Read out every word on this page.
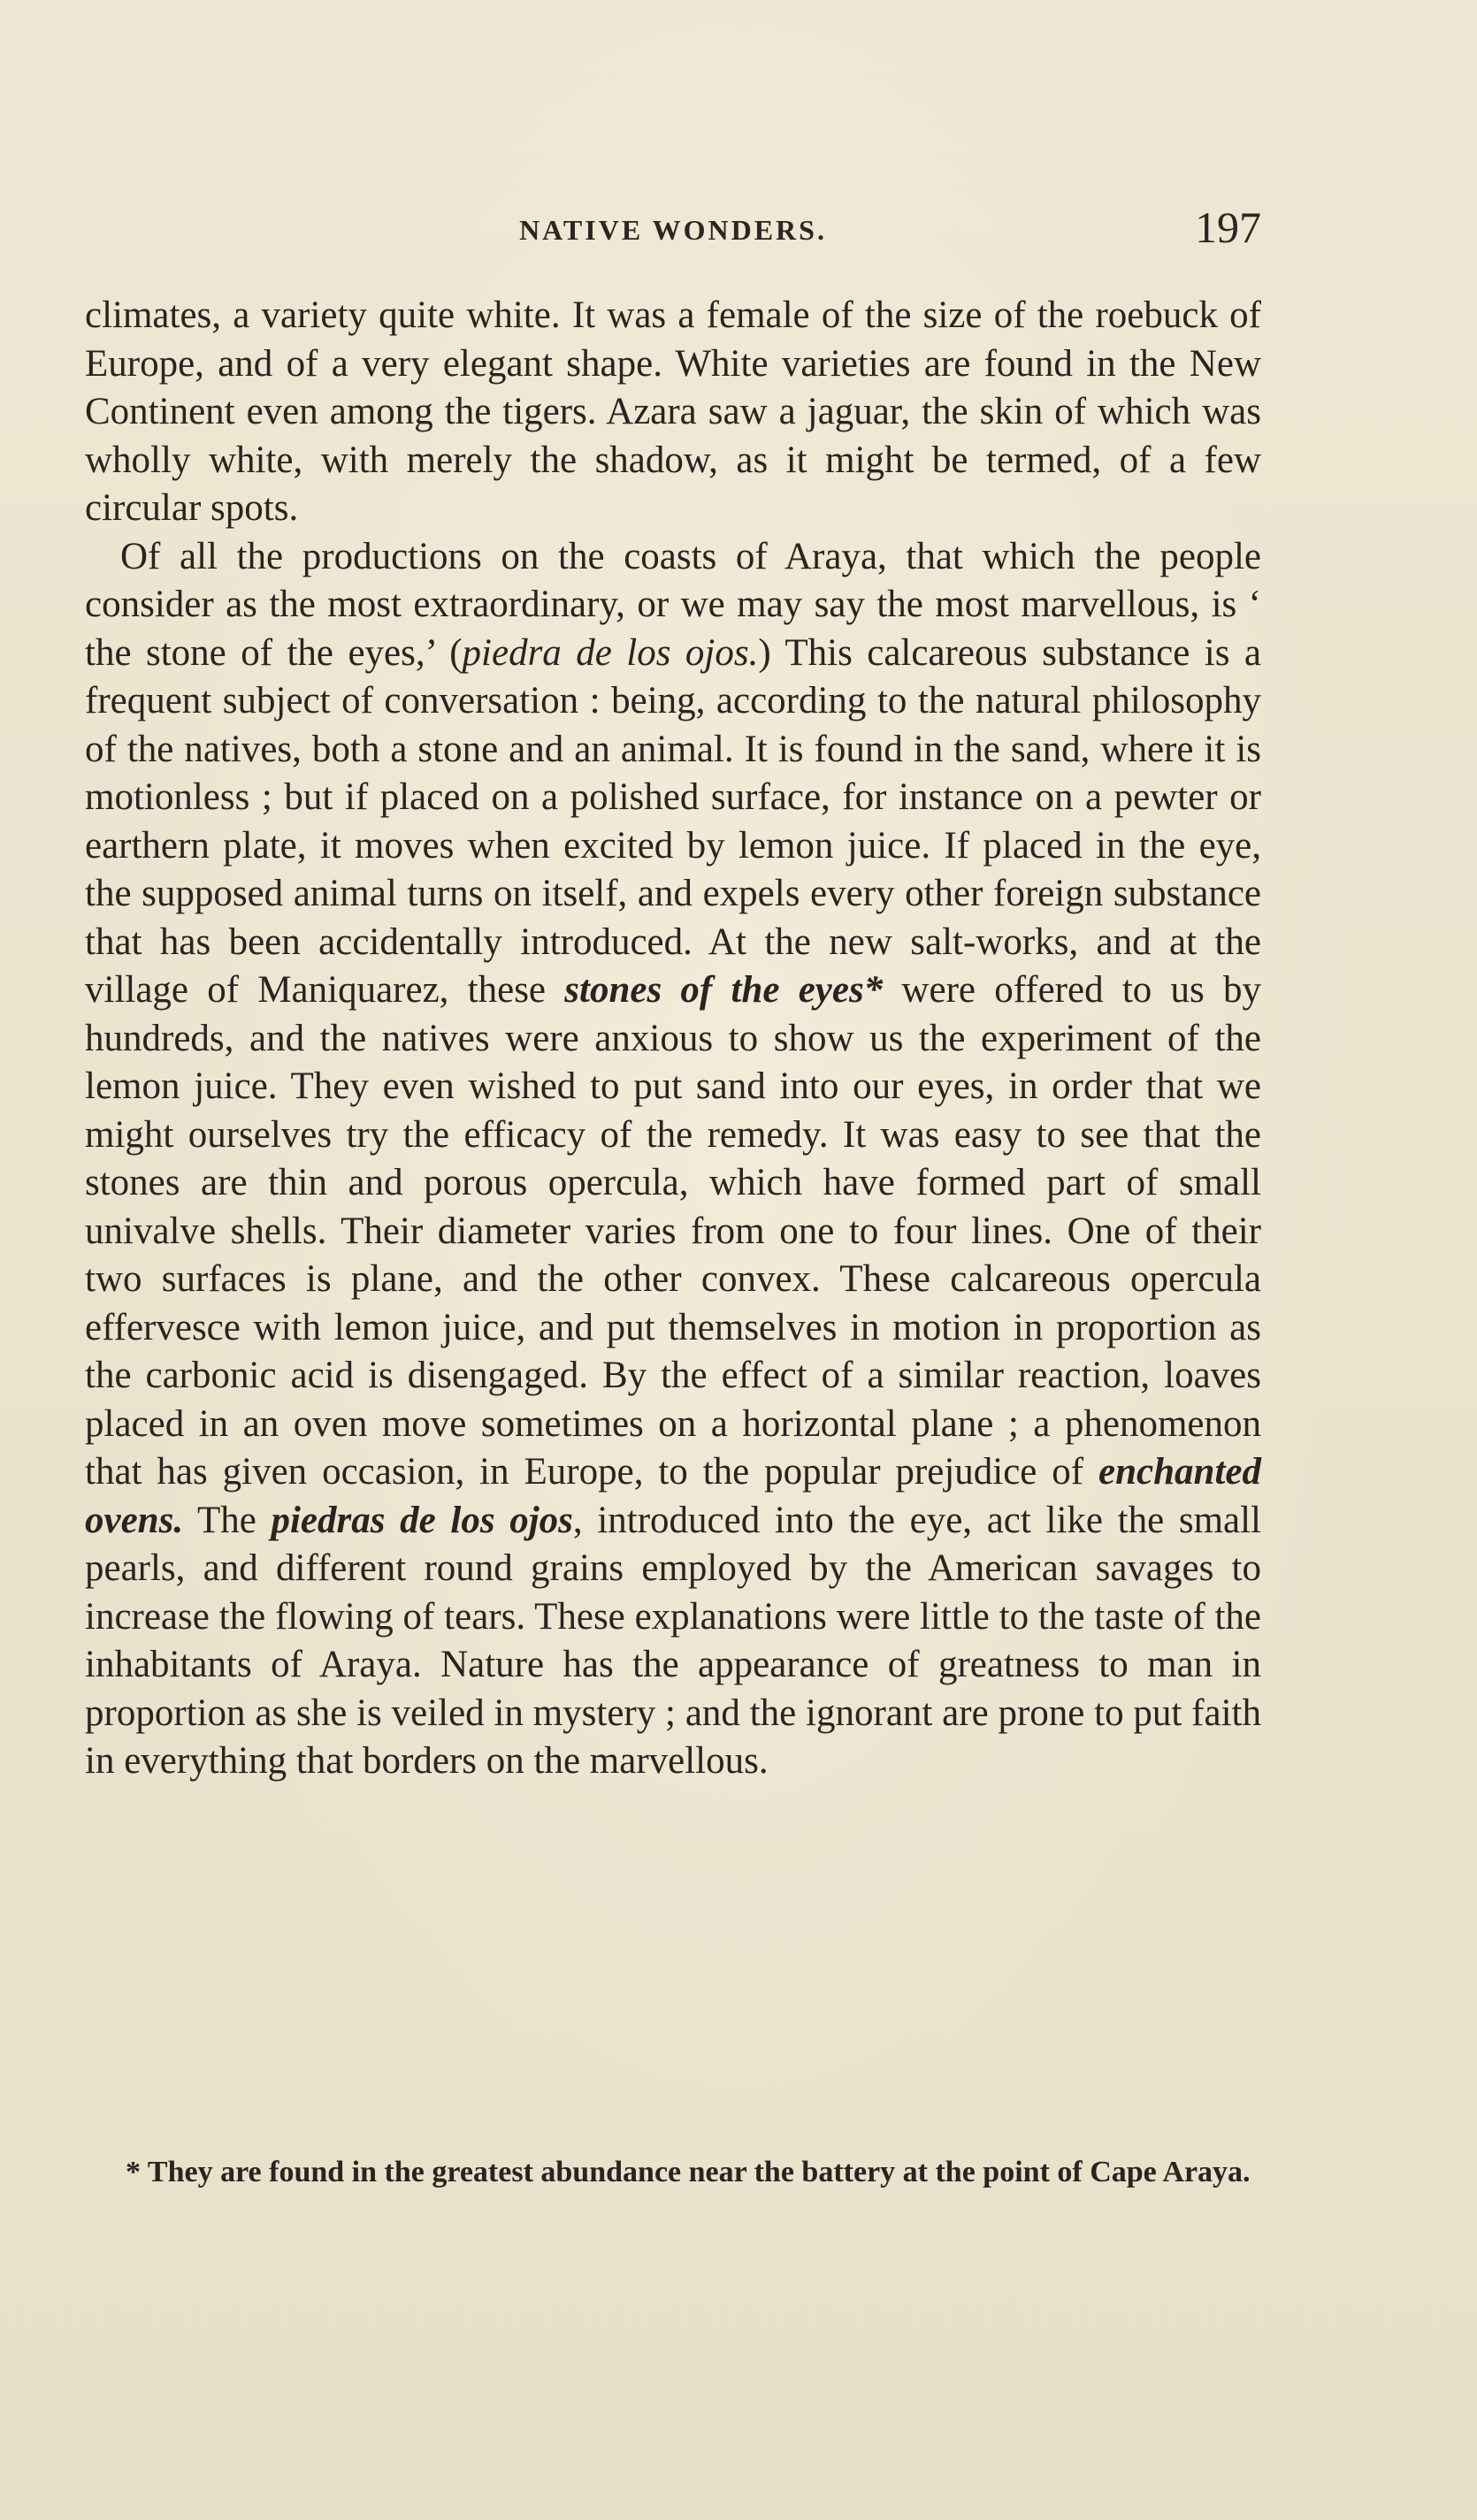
NATIVE WONDERS.	197

climates, a variety quite white. It was a female of the size of the roebuck of Europe, and of a very elegant shape. White varieties are found in the New Continent even among the tigers. Azara saw a jaguar, the skin of which was wholly white, with merely the shadow, as it might be termed, of a few circular spots.

Of all the productions on the coasts of Araya, that which the people consider as the most extraordinary, or we may say the most marvellous, is ‘ the stone of the eyes,’ (piedra de los ojos.) This calcareous substance is a frequent subject of conversation : being, according to the natural philosophy of the natives, both a stone and an animal. It is found in the sand, where it is motionless ; but if placed on a polished surface, for instance on a pewter or earthern plate, it moves when excited by lemon juice. If placed in the eye, the supposed animal turns on itself, and expels every other foreign substance that has been accidentally introduced. At the new salt-works, and at the village of Maniquarez, these stones of the eyes* were offered to us by hundreds, and the natives were anxious to show us the experiment of the lemon juice. They even wished to put sand into our eyes, in order that we might ourselves try the efficacy of the remedy. It was easy to see that the stones are thin and porous opercula, which have formed part of small univalve shells. Their diameter varies from one to four lines. One of their two surfaces is plane, and the other convex. These calcareous opercula effervesce with lemon juice, and put themselves in motion in proportion as the carbonic acid is disengaged. By the effect of a similar reaction, loaves placed in an oven move sometimes on a horizontal plane ; a phenomenon that has given occasion, in Europe, to the popular prejudice of enchanted ovens. The piedras de los ojos, introduced into the eye, act like the small pearls, and different round grains employed by the American savages to increase the flowing of tears. These explanations were little to the taste of the inhabitants of Araya. Nature has the appearance of greatness to man in proportion as she is veiled in mystery ; and the ignorant are prone to put faith in everything that borders on the marvellous.

* They are found in the greatest abundance near the battery at the point of Cape Araya.
